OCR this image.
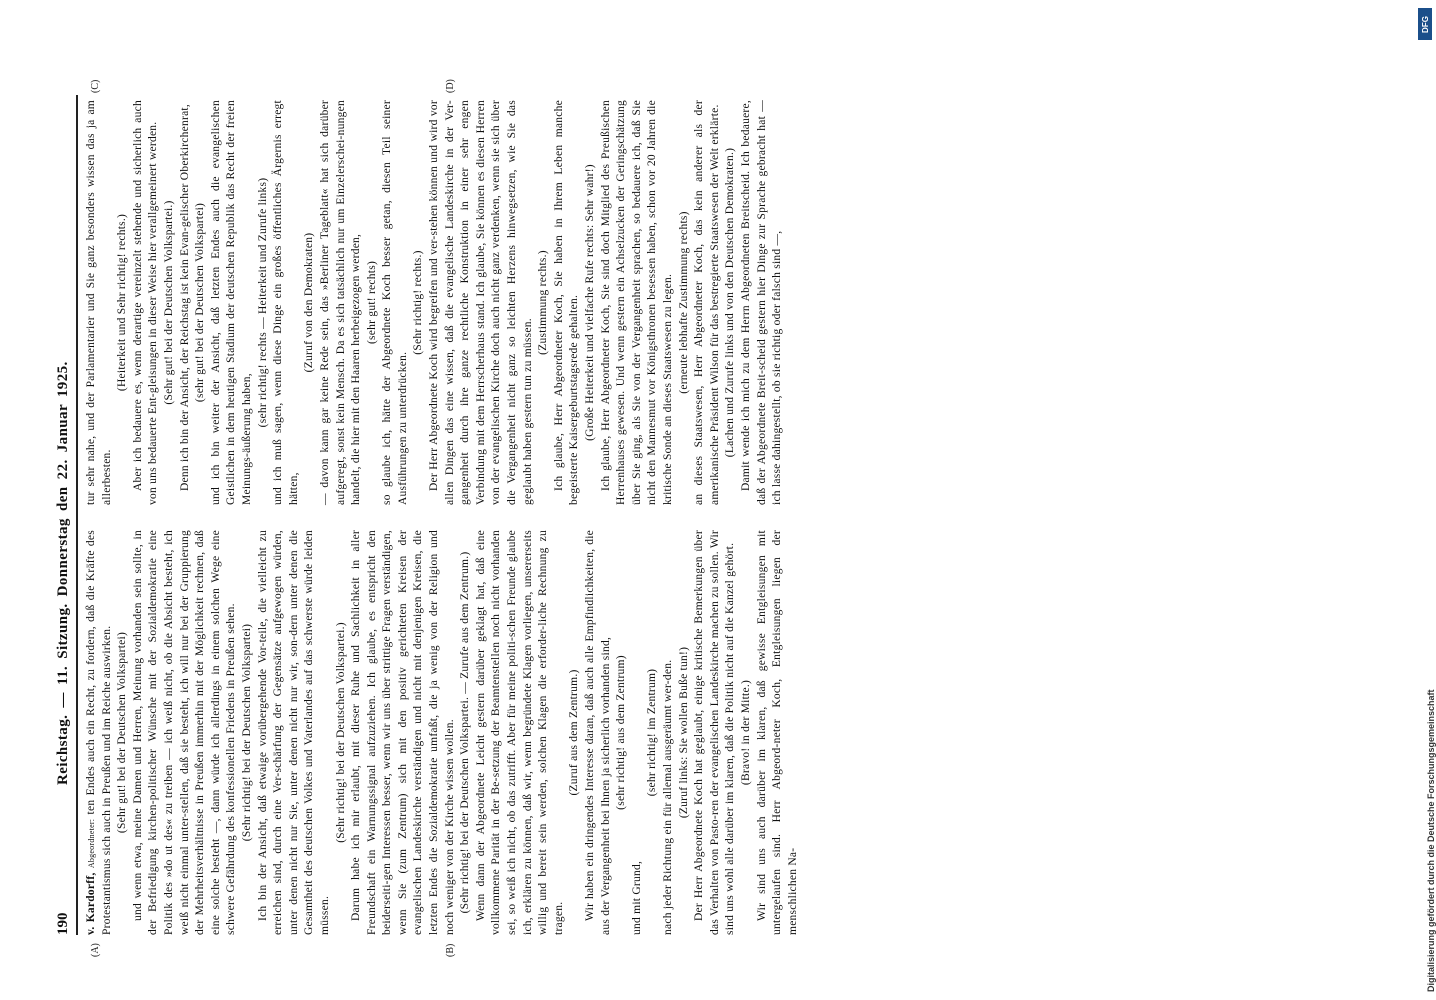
190
Reichstag. — 11. Sitzung. Donnerstag den 22. Januar 1925.

v. Kardorff, Abgeordneter: ten Endes auch ein Recht, zu fordern, daß die Kräfte des Protestantismus sich auch in Preußen und im Reiche auswirken. (Sehr gut! bei der Deutschen Volkspartei) und wenn etwa, meine Damen und Herren, Meinung vorhanden sein sollte, in der Befriedigung kirchen-politischer Wünsche mit der Sozialdemokratie eine Politik des »do ut des« zu treiben — ich weiß nicht, ob die Absicht besteht, ich weiß nicht einmal unter-stellen, daß sie besteht, ich will nur bei der Gruppierung der Mehrheitsverhältnisse in Preußen immerhin mit der Möglichkeit rechnen, daß eine solche besteht —, dann würde ich allerdings in einem solchen Wege eine schwere Gefährdung des konfessionellen Friedens in Preußen sehen. (Sehr richtig! bei der Deutschen Volkspartei) Ich bin der Ansicht, daß etwaige vorübergehende Vor-teile, die vielleicht zu erreichen sind, durch eine Ver-schärfung der Gegensätze aufgewogen würden, unter denen nicht nur Sie, unter denen nicht nur wir, son-dern unter denen die Gesamtheit des deutschen Volkes und Vaterlandes auf das schwerste würde leiden müssen.

(Sehr richtig! bei der Deutschen Volkspartei.) Darum habe ich mir erlaubt, mit dieser Ruhe und Sachlichkeit in aller Freundschaft ein Warnungssignal aufzuziehen. Ich glaube, es entspricht den beiderseiti-gen Interessen besser, wenn wir uns über strittige Fragen verständigen, wenn Sie (zum Zentrum) sich mit den positiv gerichteten Kreisen der evangelischen Landeskirche verständigen und nicht mit denjenigen Kreisen, die letzten Endes die Sozialdemokratie umfaßt, die ja wenig von der Religion und noch weniger von der Kirche wissen wollen. (Sehr richtig! bei der Deutschen Volkspartei. — Zurufe aus dem Zentrum.) Wenn dann der Abgeordnete Leicht gestern darüber geklagt hat, daß eine vollkommene Parität in der Be-setzung der Beamtenstellen noch nicht vorhanden sei, so weiß ich nicht, ob das zutrifft. Aber für meine politi-schen Freunde glaube ich, erklären zu können, daß wir, wenn begründete Klagen vorliegen, unsererseits willig und bereit sein werden, solchen Klagen die erforder-liche Rechnung zu tragen.

(Zuruf aus dem Zentrum.) Wir haben ein dringendes Interesse daran, daß auch alle Empfindlichkeiten, die aus der Vergangenheit bei Ihnen ja sicherlich vorhanden sind, (sehr richtig! aus dem Zentrum)

und mit Grund,

(sehr richtig! im Zentrum) nach jeder Richtung ein für allemal ausgeräumt wer-den. (Zuruf links: Sie wollen Buße tun!) Der Herr Abgeordnete Koch hat geglaubt, einige kritische Bemerkungen über das Verhalten von Pasto-ren der evangelischen Landeskirche machen zu sollen. Wir sind uns wohl alle darüber im klaren, daß die Politik nicht auf die Kanzel gehört. (Bravo! in der Mitte.) Wir sind uns auch darüber im klaren, daß gewisse Entgleisungen mit untergelaufen sind. Herr Abgeord-neter Koch, Entgleisungen liegen der menschlichen Na-

tur sehr nahe, und der Parlamentarier und Sie ganz besonders wissen das ja am allerbesten.

(Heiterkeit und Sehr richtig! rechts.) Aber ich bedauere es, wenn derartige vereinzelt stehende und sicherlich auch von uns bedauerte Ent-gleisungen in dieser Weise hier verallgemeinert werden. (Sehr gut! bei der Deutschen Volkspartei.) Denn ich bin der Ansicht, der Reichstag ist kein Evan-gelischer Oberkirchenrat, (sehr gut! bei der Deutschen Volkspartei) und ich bin weiter der Ansicht, daß letzten Endes auch die evangelischen Geistlichen in dem heutigen Stadium der deutschen Republik das Recht der freien Meinungs-äußerung haben,

(sehr richtig! rechts — Heiterkeit und Zurufe links) und ich muß sagen, wenn diese Dinge ein großes öffentliches Ärgernis erregt hätten,

(Zuruf von den Demokraten) — davon kann gar keine Rede sein, das »Berliner Tageblatt« hat sich darüber aufgeregt, sonst kein Mensch. Da es sich tatsächlich nur um Einzelerschei-nungen handelt, die hier mit den Haaren herbeigezogen werden, (sehr gut! rechts) so glaube ich, hätte der Abgeordnete Koch besser getan, diesen Teil seiner Ausführungen zu unterdrücken.

(Sehr richtig! rechts.) Der Herr Abgeordnete Koch wird begreifen und ver-stehen können und wird vor allen Dingen das eine wissen, daß die evangelische Landeskirche in der Ver-gangenheit durch ihre ganze rechtliche Konstruktion in einer sehr engen Verbindung mit dem Herrscherhaus stand. Ich glaube, Sie können es diesen Herren von der evangelischen Kirche doch auch nicht ganz verdenken, wenn sie sich über die Vergangenheit nicht ganz so leichten Herzens hinwegsetzen, wie Sie das geglaubt haben gestern tun zu müssen.

(Zustimmung rechts.) Ich glaube, Herr Abgeordneter Koch, Sie haben in Ihrem Leben manche begeisterte Kaisergeburtstagsrede gehalten. (Große Heiterkeit und vielfache Rufe rechts: Sehr wahr!) Ich glaube, Herr Abgeordneter Koch, Sie sind doch Mitglied des Preußischen Herrenhauses gewesen. Und wenn gestern ein Achselzucken der Geringschätzung über Sie ging, als Sie von der Vergangenheit sprachen, so bedauere ich, daß Sie nicht den Mannesmut vor Königsthronen besessen haben, schon vor 20 Jahren die kritische Sonde an dieses Staatswesen zu legen. (erneute lebhafte Zustimmung rechts) an dieses Staatswesen, Herr Abgeordneter Koch, das kein anderer als der amerikanische Präsident Wilson für das bestregierte Staatswesen der Welt erklärte. (Lachen und Zurufe links und von den Deutschen Demokraten.) Damit wende ich mich zu dem Herrn Abgeordneten Breitscheid. Ich bedauere, daß der Abgeordnete Breit-scheid gestern hier Dinge zur Sprache gebracht hat — ich lasse dahingestellt, ob sie richtig oder falsch sind —,

(A)	(B)
(C)	(D)
DFG
Digitalisierung gefördert durch die Deutsche Forschungsgemeinschaft
